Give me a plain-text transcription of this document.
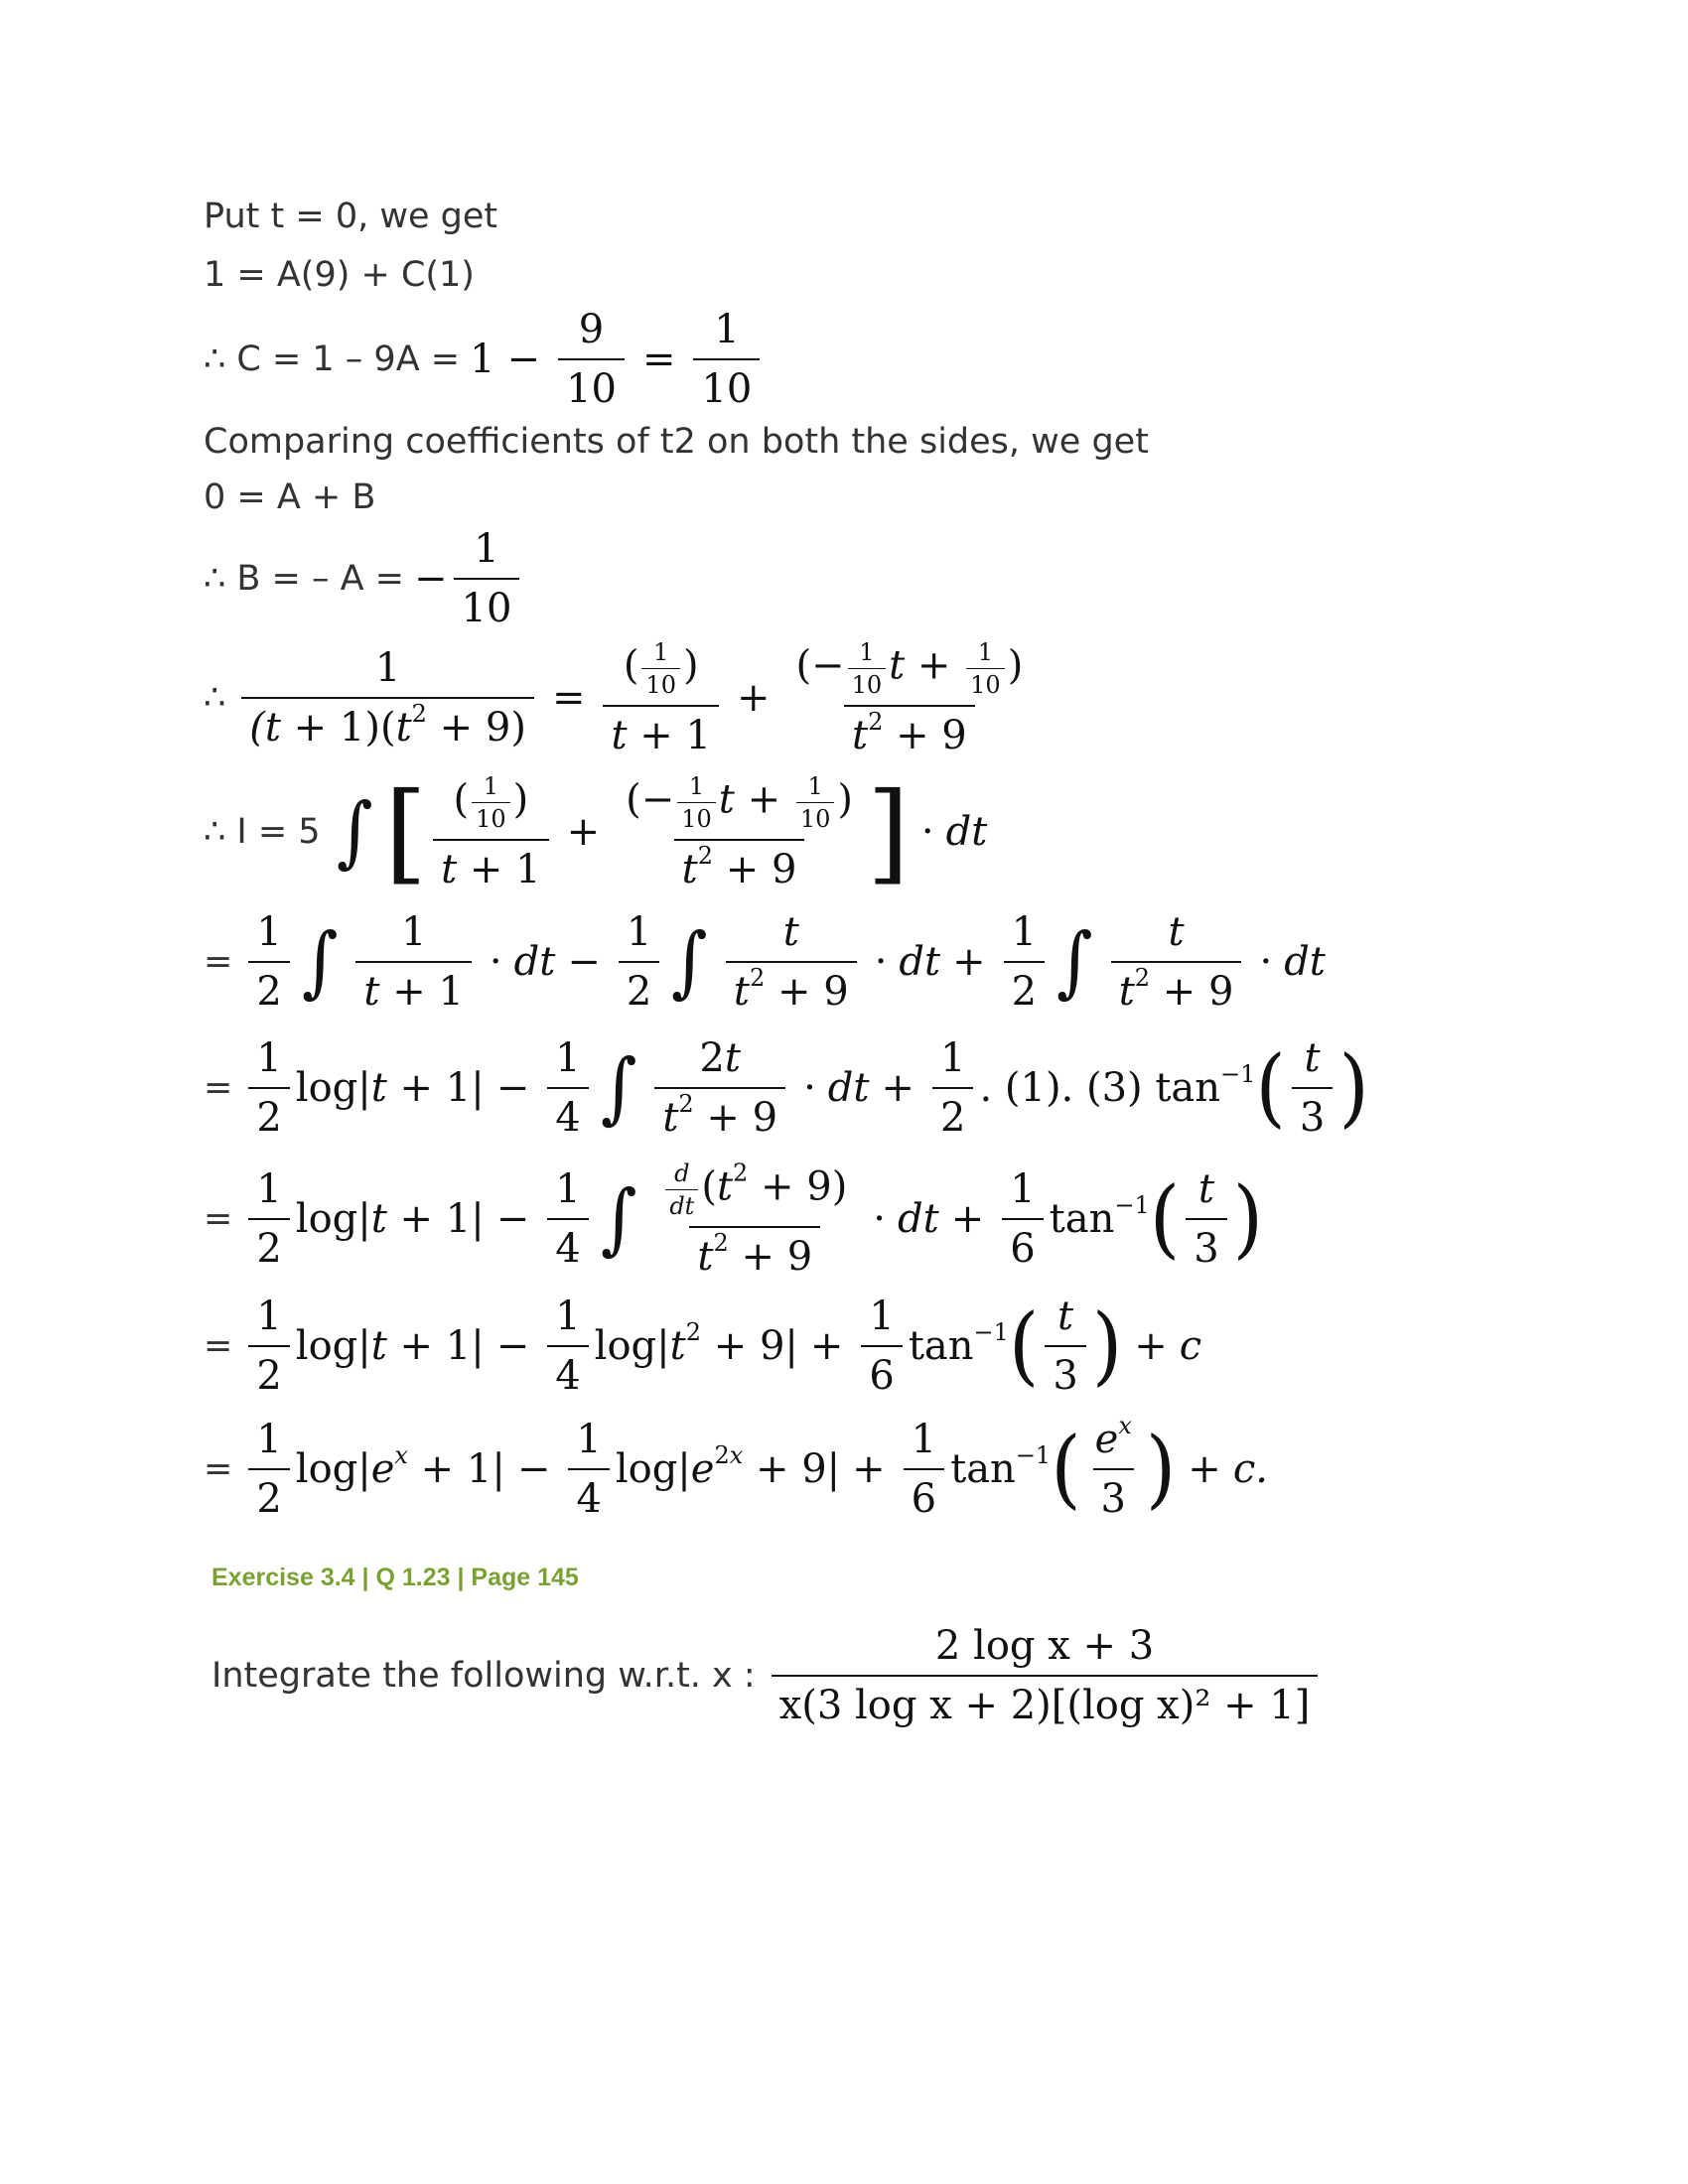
Put t = 0, we get
1 = A(9) + C(1)
∴ $C = 1 - 9A = 1 - \frac{9}{10} = \frac{1}{10}$
Comparing coefficients of t2 on both the sides, we get
0 = A + B
∴ B = – A = − $\frac{1}{10}$
∴ $\frac{1}{(t + 1)(t^2 + 9)} = \frac{( \frac{1}{10} )}{t + 1} + \frac{(- \frac{1}{10} t + \frac{1}{10} )}{t^2 + 9}$
∴ I = 5 ∫ [ $\frac{( \frac{1}{10} )}{t + 1} + \frac{(- \frac{1}{10} t + \frac{1}{10} )}{t^2 + 9}$ ] · dt
= $\frac{1}{2}$ ∫ $\frac{1}{t + 1}$ · dt − $\frac{1}{2}$ ∫ $\frac{t}{t^2 + 9}$ · dt + $\frac{1}{2}$ ∫ $\frac{t}{t^2 + 9}$ · dt
= $\frac{1}{2} \log|t + 1| - \frac{1}{4}$ ∫ $\frac{2t}{t^2 + 9}$ · dt + $\frac{1}{2}$ . (1). (3) $\tan^{-1}$ ( $\frac{t}{3}$ )
= $\frac{1}{2} \log|t + 1| - \frac{1}{4}$ ∫ $\frac{\frac{d}{dt} (t^2 + 9)}{t^2 + 9}$ · dt + $\frac{1}{6} \tan^{-1}$ ( $\frac{t}{3}$ )
= $\frac{1}{2} \log|t + 1| - \frac{1}{4} \log|t^2 + 9| + \frac{1}{6} \tan^{-1}$ ( $\frac{t}{3}$ ) + c
= $\frac{1}{2} \log|e^x + 1| - \frac{1}{4} \log|e^{2x} + 9| + \frac{1}{6} \tan^{-1}$ ( $\frac{e^x}{3}$ ) + c.
Exercise 3.4 | Q 1.23 | Page 145
Integrate the following w.r.t. x : $\frac{\text{2 log x + 3}}{\text{x(3 log x + 2)[(log x)² + 1]}}$
